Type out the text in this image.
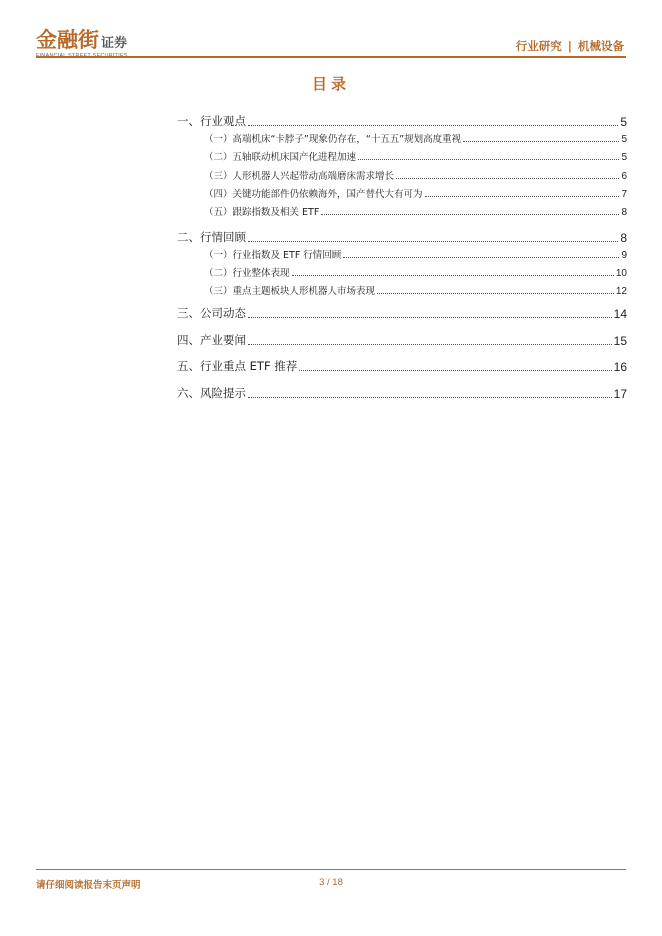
金融街 证券
FINANCIAL STREET SECURITIES
行业研究 | 机械设备
目录
一、行业观点	5
（一）高端机床“卡脖子”现象仍存在，“十五五”规划高度重视	5
（二）五轴联动机床国产化进程加速	5
（三）人形机器人兴起带动高端磨床需求增长	6
（四）关键功能部件仍依赖海外，国产替代大有可为	7
（五）跟踪指数及相关 ETF	8
二、行情回顾	8
（一）行业指数及 ETF 行情回顾	9
（二）行业整体表现	10
（三）重点主题板块人形机器人市场表现	12
三、公司动态	14
四、产业要闻	15
五、行业重点 ETF 推荐	16
六、风险提示	17
请仔细阅读报告末页声明	3 / 18
